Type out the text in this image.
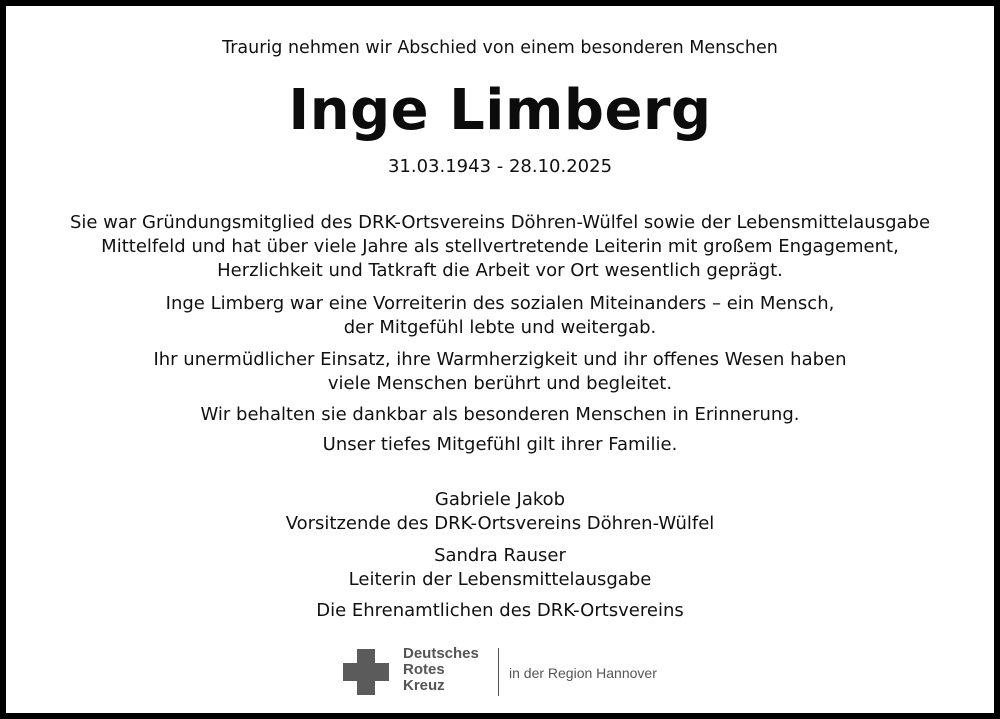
Traurig nehmen wir Abschied von einem besonderen Menschen
Inge Limberg
31.03.1943 - 28.10.2025
Sie war Gründungsmitglied des DRK-Ortsvereins Döhren-Wülfel sowie der Lebensmittelausgabe
Mittelfeld und hat über viele Jahre als stellvertretende Leiterin mit großem Engagement,
Herzlichkeit und Tatkraft die Arbeit vor Ort wesentlich geprägt.
Inge Limberg war eine Vorreiterin des sozialen Miteinanders – ein Mensch,
der Mitgefühl lebte und weitergab.
Ihr unermüdlicher Einsatz, ihre Warmherzigkeit und ihr offenes Wesen haben
viele Menschen berührt und begleitet.
Wir behalten sie dankbar als besonderen Menschen in Erinnerung.
Unser tiefes Mitgefühl gilt ihrer Familie.
Gabriele Jakob
Vorsitzende des DRK-Ortsvereins Döhren-Wülfel
Sandra Rauser
Leiterin der Lebensmittelausgabe
Die Ehrenamtlichen des DRK-Ortsvereins
Deutsches
Rotes
Kreuz
in der Region Hannover
